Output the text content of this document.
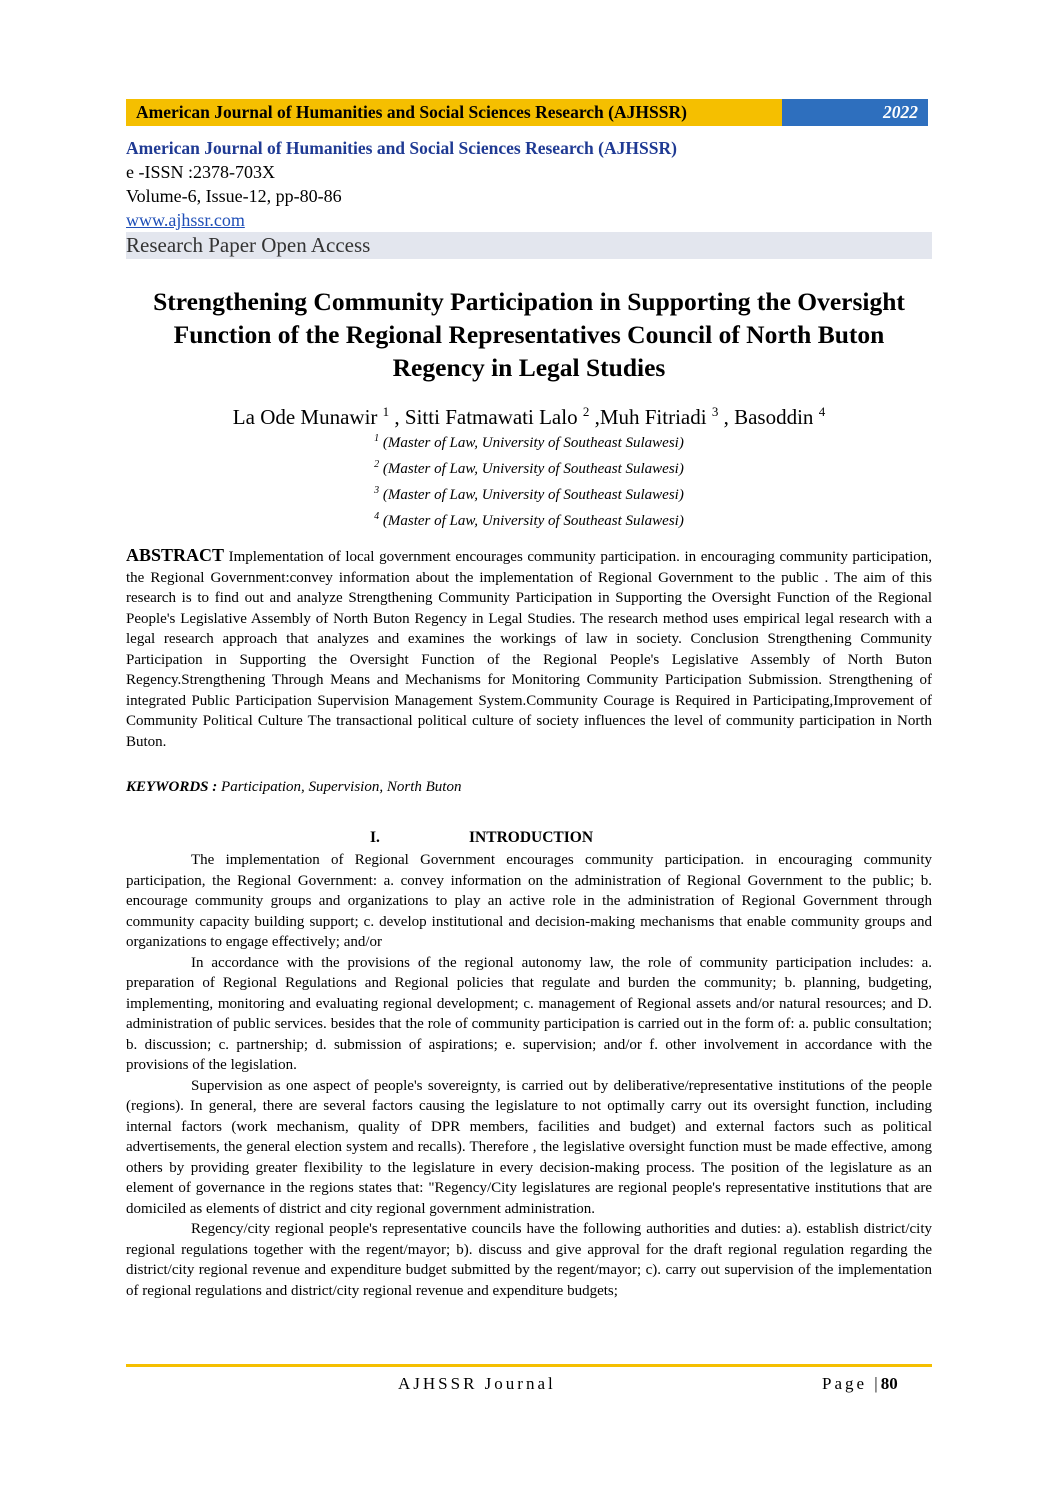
American Journal of Humanities and Social Sciences Research (AJHSSR)	2022
American Journal of Humanities and Social Sciences Research (AJHSSR)
e -ISSN :2378-703X
Volume-6, Issue-12, pp-80-86
www.ajhssr.com
Research Paper Open Access
Strengthening Community Participation in Supporting the Oversight Function of the Regional Representatives Council of North Buton Regency in Legal Studies
La Ode Munawir $^1$ , Sitti Fatmawati Lalo $^2$ ,Muh Fitriadi $^3$ , Basoddin $^4$
$^1$ (Master of Law, University of Southeast Sulawesi)
$^2$ (Master of Law, University of Southeast Sulawesi)
$^3$ (Master of Law, University of Southeast Sulawesi)
$^4$ (Master of Law, University of Southeast Sulawesi)
ABSTRACT Implementation of local government encourages community participation. in encouraging community participation, the Regional Government:convey information about the implementation of Regional Government to the public . The aim of this research is to find out and analyze Strengthening Community Participation in Supporting the Oversight Function of the Regional People's Legislative Assembly of North Buton Regency in Legal Studies. The research method uses empirical legal research with a legal research approach that analyzes and examines the workings of law in society. Conclusion Strengthening Community Participation in Supporting the Oversight Function of the Regional People's Legislative Assembly of North Buton Regency.Strengthening Through Means and Mechanisms for Monitoring Community Participation Submission. Strengthening of integrated Public Participation Supervision Management System.Community Courage is Required in Participating,Improvement of Community Political Culture The transactional political culture of society influences the level of community participation in North Buton.
KEYWORDS : Participation, Supervision, North Buton
I.	INTRODUCTION

The implementation of Regional Government encourages community participation. in encouraging community participation, the Regional Government: a. convey information on the administration of Regional Government to the public; b. encourage community groups and organizations to play an active role in the administration of Regional Government through community capacity building support; c. develop institutional and decision-making mechanisms that enable community groups and organizations to engage effectively; and/or

In accordance with the provisions of the regional autonomy law, the role of community participation includes: a. preparation of Regional Regulations and Regional policies that regulate and burden the community; b. planning, budgeting, implementing, monitoring and evaluating regional development; c. management of Regional assets and/or natural resources; and D. administration of public services. besides that the role of community participation is carried out in the form of: a. public consultation; b. discussion; c. partnership; d. submission of aspirations; e. supervision; and/or f. other involvement in accordance with the provisions of the legislation.

Supervision as one aspect of people's sovereignty, is carried out by deliberative/representative institutions of the people (regions). In general, there are several factors causing the legislature to not optimally carry out its oversight function, including internal factors (work mechanism, quality of DPR members, facilities and budget) and external factors such as political advertisements, the general election system and recalls). Therefore , the legislative oversight function must be made effective, among others by providing greater flexibility to the legislature in every decision-making process. The position of the legislature as an element of governance in the regions states that: "Regency/City legislatures are regional people's representative institutions that are domiciled as elements of district and city regional government administration.

Regency/city regional people's representative councils have the following authorities and duties: a). establish district/city regional regulations together with the regent/mayor; b). discuss and give approval for the draft regional regulation regarding the district/city regional revenue and expenditure budget submitted by the regent/mayor; c). carry out supervision of the implementation of regional regulations and district/city regional revenue and expenditure budgets;

AJHSSR Journal	Page |80
